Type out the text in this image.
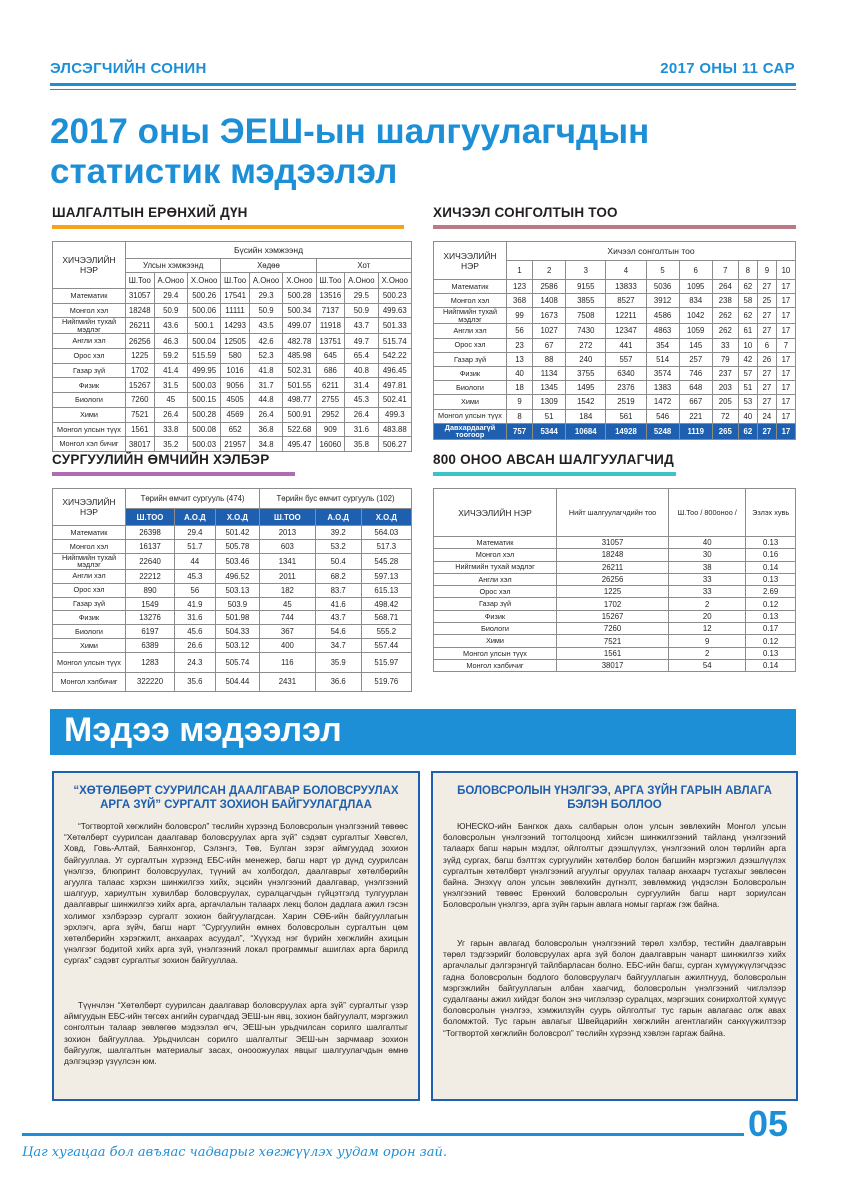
ЭЛСЭГЧИЙН СОНИН	2017 ОНЫ 11 САР
2017 оны ЭЕШ-ын шалгуулагчдын
статистик мэдээлэл
ШАЛГАЛТЫН ЕРӨНХИЙ ДҮН	ХИЧЭЭЛ СОНГОЛТЫН ТОО
СУРГУУЛИЙН ӨМЧИЙН ХЭЛБЭР	800 ОНОО АВСАН ШАЛГУУЛАГЧИД
ХИЧЭЭЛИЙН НЭР	Бүсийн хэмжээнд								
	Улсын хэмжээнд			Хөдөө			Хот		
	Ш.Тоо	А.Оноо	Х.Оноо	Ш.Тоо	А.Оноо	Х.Оноо	Ш.Тоо	А.Оноо	Х.Оноо
Математик	31057	29.4	500.26	17541	29.3	500.28	13516	29.5	500.23
Монгол хэл	18248	50.9	500.06	11111	50.9	500.34	7137	50.9	499.63
Нийгмийн тухай мэдлэг	26211	43.6	500.1	14293	43.5	499.07	11918	43.7	501.33
Англи хэл	26256	46.3	500.04	12505	42.6	482.78	13751	49.7	515.74
Орос хэл	1225	59.2	515.59	580	52.3	485.98	645	65.4	542.22
Газар зүй	1702	41.4	499.95	1016	41.8	502.31	686	40.8	496.45
Физик	15267	31.5	500.03	9056	31.7	501.55	6211	31.4	497.81
Биологи	7260	45	500.15	4505	44.8	498.77	2755	45.3	502.41
Хими	7521	26.4	500.28	4569	26.4	500.91	2952	26.4	499.3
Монгол улсын түүх	1561	33.8	500.08	652	36.8	522.68	909	31.6	483.88
Монгол хэл бичиг	38017	35.2	500.03	21957	34.8	495.47	16060	35.8	506.27
ХИЧЭЭЛИЙН НЭР	Хичээл сонголтын тоо									
	1	2	3	4	5	6	7	8	9	10
Математик	123	2586	9155	13833	5036	1095	264	62	27	17
Монгол хэл	368	1408	3855	8527	3912	834	238	58	25	17
Нийгмийн тухай мэдлэг	99	1673	7508	12211	4586	1042	262	62	27	17
Англи хэл	56	1027	7430	12347	4863	1059	262	61	27	17
Орос хэл	23	67	272	441	354	145	33	10	6	7
Газар зүй	13	88	240	557	514	257	79	42	26	17
Физик	40	1134	3755	6340	3574	746	237	57	27	17
Биологи	18	1345	1495	2376	1383	648	203	51	27	17
Хими	9	1309	1542	2519	1472	667	205	53	27	17
Монгол улсын түүх	8	51	184	561	546	221	72	40	24	17
Давхардаагүй тоогоор	757	5344	10684	14928	5248	1119	265	62	27	17
ХИЧЭЭЛИЙН НЭР	Төрийн өмчит сургууль (474)			Төрийн бус өмчит сургууль (102)		
	Ш.ТОО	А.О.Д	Х.О.Д	Ш.ТОО	А.О.Д	Х.О.Д
Математик	26398	29.4	501.42	2013	39.2	564.03
Монгол хэл	16137	51.7	505.78	603	53.2	517.3
Нийгмийн тухай мэдлэг	22640	44	503.46	1341	50.4	545.28
Англи хэл	22212	45.3	496.52	2011	68.2	597.13
Орос хэл	890	56	503.13	182	83.7	615.13
Газар зүй	1549	41.9	503.9	45	41.6	498.42
Физик	13276	31.6	501.98	744	43.7	568.71
Биологи	6197	45.6	504.33	367	54.6	555.2
Хими	6389	26.6	503.12	400	34.7	557.44
Монгол улсын түүх	1283	24.3	505.74	116	35.9	515.97
Монгол хэлбичиг	322220	35.6	504.44	2431	36.6	519.76
ХИЧЭЭЛИЙН НЭР	Нийт шалгуулагчдийн тоо	Ш.Тоо / 800оноо /	Эзлэх хувь
Математик	31057	40	0.13
Монгол хэл	18248	30	0.16
Нийгмийн тухай мэдлэг	26211	38	0.14
Англи хэл	26256	33	0.13
Орос хэл	1225	33	2.69
Газар зүй	1702	2	0.12
Физик	15267	20	0.13
Биологи	7260	12	0.17
Хими	7521	9	0.12
Монгол улсын түүх	1561	2	0.13
Монгол хэлбичиг	38017	54	0.14
Мэдээ мэдээлэл
“ХӨТӨЛБӨРТ СУУРИЛСАН ДААЛГАВАР БОЛОВСРУУЛАХ АРГА ЗҮЙ” СУРГАЛТ ЗОХИОН БАЙГУУЛАГДЛАА

“Тогтвортой хөгжлийн боловсрол” төслийн хүрээнд Боловсролын үнэлгээний төвөөс “Хөтөлбөрт суурилсан даалгавар боловсруулах арга зүй” сэдэвт сургалтыг Хөвсгөл, Ховд, Говь-Алтай, Баянхонгор, Сэлэнгэ, Төв, Булган зэрэг аймгуудад зохион байгууллаа. Уг сургалтын хүрээнд ЕБС-ийн менежер, багш нарт үр дүнд суурилсан үнэлгээ, блюпринт боловсруулах, түүний ач холбогдол, даалгаврыг хөтөлбөрийн агуулга талаас хэрхэн шинжилгээ хийх, эцсийн үнэлгээний даалгавар, үнэлгээний шалгуур, хариултын хувилбар боловсруулах, суралцагчдын гүйцэтгэлд тулгуурлан даалгаврыг шинжилгээ хийх арга, аргачлалын талаарх лекц болон дадлага ажил гэсэн холимог хэлбэрээр сургалт зохион байгуулагдсан. Харин СӨБ-ийн байгууллагын эрхлэгч, арга зүйч, багш нарт “Сургуулийн өмнөх боловсролын сургалтын цөм хөтөлбөрийн хэрэгжилт, анхаарах асуудал”, “Хүүхэд нэг бүрийн хөгжлийн ахицын үнэлгээг бодитой хийх арга зүй, үнэлгээний локал программыг ашиглах арга барилд сургах” сэдэвт сургалтыг зохион байгууллаа.

Түүнчлэн “Хөтөлбөрт суурилсан даалгавар боловсруулах арга зүй” сургалтыг үзэр аймгуудын ЕБС-ийн төгсөх ангийн сурагчдад ЭЕШ-ын явц, зохион байгуулалт, мэргэжил сонголтын талаар зөвлөгөө мэдээлэл өгч, ЭЕШ-ын урьдчилсан сорилго шалгалтыг зохион байгууллаа. Урьдчилсан сорилго шалгалтыг ЭЕШ-ын зарчмаар зохион байгуулж, шалгалтын материалыг засах, онооожуулах явцыг шалгуулагчдын өмнө дэлгэцээр үзүүлсэн юм.

БОЛОВСРОЛЫН ҮНЭЛГЭЭ, АРГА ЗҮЙН ГАРЫН АВЛАГА БЭЛЭН БОЛЛОО

ЮНЕСКО-ийн Бангкок дахь салбарын олон улсын зөвлөхийн Монгол улсын боловсролын үнэлгээний тогтолцоонд хийсэн шинжилгээний тайланд үнэлгээний талаарх багш нарын мэдлэг, ойлголтыг дээшлүүлэх, үнэлгээний олон төрлийн арга зүйд сургах, багш бэлтгэх сургуулийн хөтөлбөр болон багшийн мэргэжил дээшлүүлэх сургалтын хөтөлбөрт үнэлгээний агуулгыг оруулах талаар анхаарч тусгахыг зөвлөсөн байна. Энэхүү олон улсын зөвлөхийн дүгнэлт, зөвлөмжид үндэслэн Боловсролын үнэлгээний төвөөс Ерөнхий боловсролын сургуулийн багш нарт зориулсан Боловсролын үнэлгээ, арга зүйн гарын авлага номыг гаргаж гэж байна.

Уг гарын авлагад боловсролын үнэлгээний төрөл хэлбэр, тестийн даалгаврын төрөл тэдгээрийг боловсруулах арга зүй болон даалгаврын чанарт шинжилгээ хийх аргачлалыг дэлгэрэнгүй тайлбарласан болно. ЕБС-ийн багш, сурган хүмүүжүүлэгчдээс гадна боловсролын бодлого боловсруулагч байгууллагын ажилтнууд, боловсролын мэргэжлийн байгууллагын албан хаагчид, боловсролын үнэлгээний чиглэлээр судалгааны ажил хийдэг болон энэ чиглэлээр суралцах, мэргэших сонирхолтой хүмүүс боловсролын үнэлгээ, хэмжилзүйн суурь ойлголтыг тус гарын авлагаас олж авах боломжтой. Тус гарын авлагыг Швейцарийн хөгжлийн агентлагийн санхүүжилтээр “Тогтвортой хөгжлийн боловсрол” төслийн хүрээнд хэвлэн гаргаж байна.

05
Цаг хугацаа бол авъяас чадварыг хөгжүүлэх уудам орон зай.
